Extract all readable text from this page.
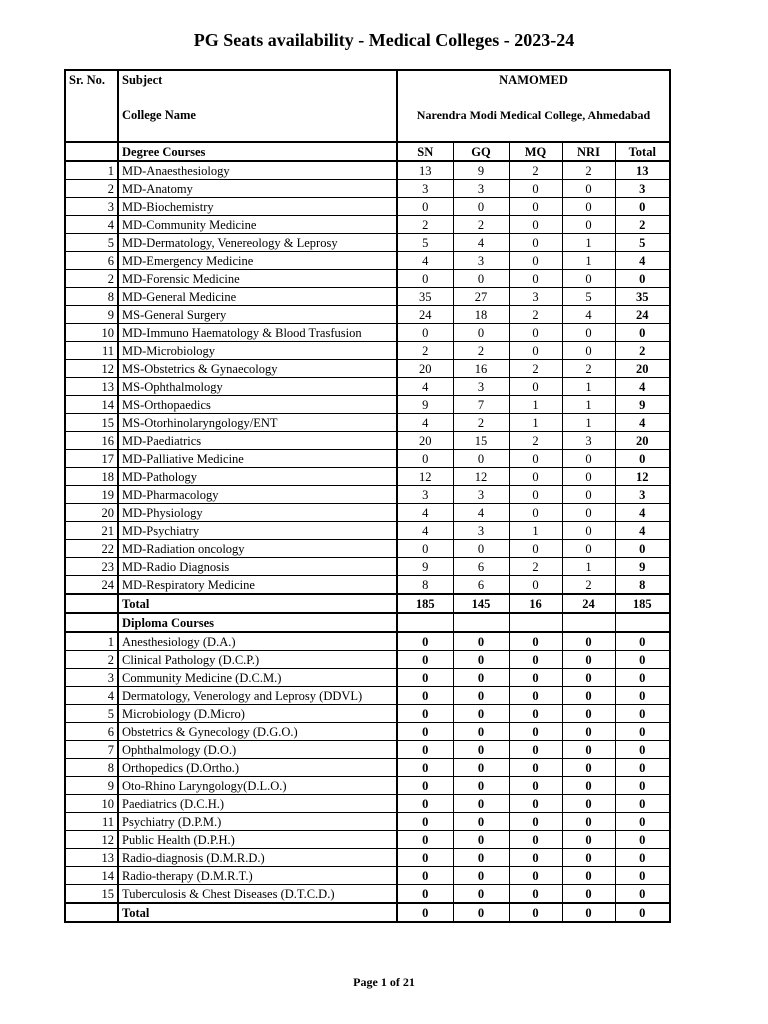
PG Seats availability - Medical Colleges - 2023-24
Sr. No.	Subject	NAMOMED				
	College Name	Narendra Modi Medical College, Ahmedabad				
	Degree Courses	SN	GQ	MQ	NRI	Total
1	MD-Anaesthesiology	13	9	2	2	13
2	MD-Anatomy	3	3	0	0	3
3	MD-Biochemistry	0	0	0	0	0
4	MD-Community Medicine	2	2	0	0	2
5	MD-Dermatology, Venereology & Leprosy	5	4	0	1	5
6	MD-Emergency Medicine	4	3	0	1	4
2	MD-Forensic Medicine	0	0	0	0	0
8	MD-General Medicine	35	27	3	5	35
9	MS-General Surgery	24	18	2	4	24
10	MD-Immuno Haematology & Blood Trasfusion	0	0	0	0	0
11	MD-Microbiology	2	2	0	0	2
12	MS-Obstetrics & Gynaecology	20	16	2	2	20
13	MS-Ophthalmology	4	3	0	1	4
14	MS-Orthopaedics	9	7	1	1	9
15	MS-Otorhinolaryngology/ENT	4	2	1	1	4
16	MD-Paediatrics	20	15	2	3	20
17	MD-Palliative Medicine	0	0	0	0	0
18	MD-Pathology	12	12	0	0	12
19	MD-Pharmacology	3	3	0	0	3
20	MD-Physiology	4	4	0	0	4
21	MD-Psychiatry	4	3	1	0	4
22	MD-Radiation oncology	0	0	0	0	0
23	MD-Radio Diagnosis	9	6	2	1	9
24	MD-Respiratory Medicine	8	6	0	2	8
	Total	185	145	16	24	185
	Diploma Courses					
1	Anesthesiology (D.A.)	0	0	0	0	0
2	Clinical Pathology (D.C.P.)	0	0	0	0	0
3	Community Medicine (D.C.M.)	0	0	0	0	0
4	Dermatology, Venerology and Leprosy (DDVL)	0	0	0	0	0
5	Microbiology (D.Micro)	0	0	0	0	0
6	Obstetrics & Gynecology (D.G.O.)	0	0	0	0	0
7	Ophthalmology (D.O.)	0	0	0	0	0
8	Orthopedics (D.Ortho.)	0	0	0	0	0
9	Oto-Rhino Laryngology(D.L.O.)	0	0	0	0	0
10	Paediatrics (D.C.H.)	0	0	0	0	0
11	Psychiatry (D.P.M.)	0	0	0	0	0
12	Public Health (D.P.H.)	0	0	0	0	0
13	Radio-diagnosis (D.M.R.D.)	0	0	0	0	0
14	Radio-therapy (D.M.R.T.)	0	0	0	0	0
15	Tuberculosis & Chest Diseases (D.T.C.D.)	0	0	0	0	0
	Total	0	0	0	0	0
Page 1 of 21
